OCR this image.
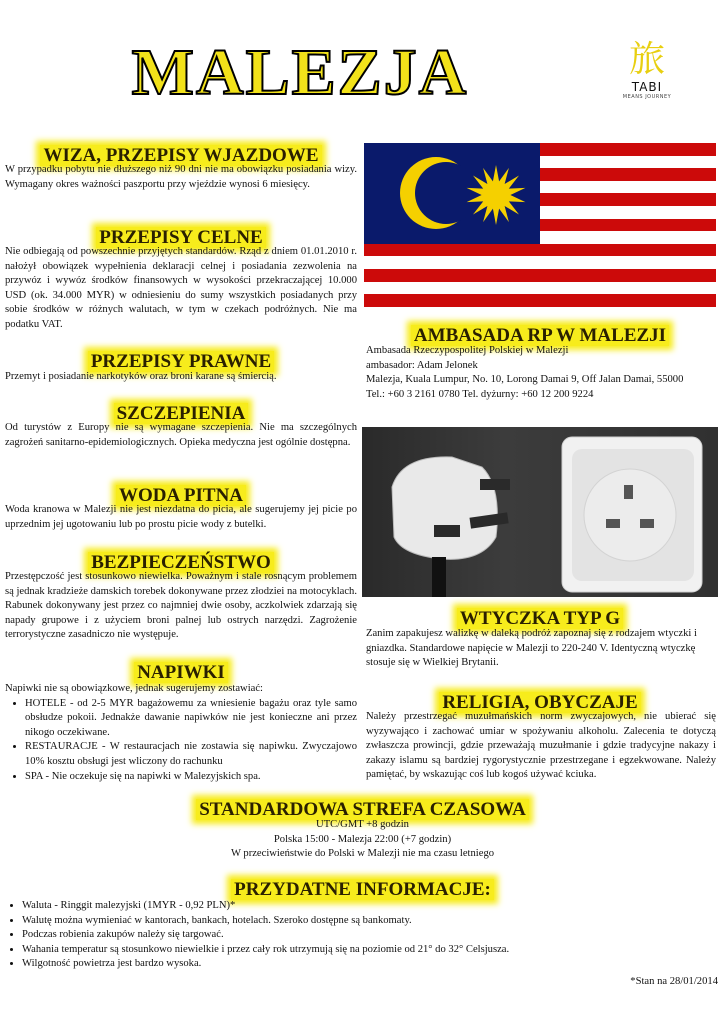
MALEZJA	旅
TABI
MEANS JOURNEY
WIZA, PRZEPISY WJAZDOWE
W przypadku pobytu nie dłuższego niż 90 dni nie ma obowiązku posiadania wizy. Wymagany okres ważności paszportu przy wjeździe wynosi 6 miesięcy.
PRZEPISY CELNE
Nie odbiegają od powszechnie przyjętych standardów. Rząd z dniem 01.01.2010 r. nałożył obowiązek wypełnienia deklaracji celnej i posiadania zezwolenia na przywóz i wywóz środków finansowych w wysokości przekraczającej 10.000 USD (ok. 34.000 MYR) w odniesieniu do sumy wszystkich posiadanych przy sobie środków w różnych walutach, w tym w czekach podróżnych. Nie ma podatku VAT.
PRZEPISY PRAWNE
Przemyt i posiadanie narkotyków oraz broni karane są śmiercią.
SZCZEPIENIA
Od turystów z Europy nie są wymagane szczepienia. Nie ma szczególnych zagrożeń sanitarno-epidemiologicznych. Opieka medyczna jest ogólnie dostępna.
WODA PITNA
Woda kranowa w Malezji nie jest niezdatna do picia, ale sugerujemy jej picie po uprzednim jej ugotowaniu lub po prostu picie wody z butelki.
BEZPIECZEŃSTWO
Przestępczość jest stosunkowo niewielka. Poważnym i stale rosnącym problemem są jednak kradzieże damskich torebek dokonywane przez złodziei na motocyklach. Rabunek dokonywany jest przez co najmniej dwie osoby, aczkolwiek zdarzają się napady grupowe i z użyciem broni palnej lub ostrych narzędzi. Zagrożenie terrorystyczne zasadniczo nie występuje.
NAPIWKI

Napiwki nie są obowiązkowe, jednak sugerujemy zostawiać:

• HOTELE - od 2-5 MYR bagażowemu za wniesienie bagażu oraz tyle samo obsłudze pokoii. Jednakże dawanie napiwków nie jest konieczne ani przez nikogo oczekiwane.
• RESTAURACJE - W restauracjach nie zostawia się napiwku. Zwyczajowo 10% kosztu obsługi jest wliczony do rachunku
• SPA - Nie oczekuje się na napiwki w Malezyjskich spa.
AMBASADA RP W MALEZJI

Ambasada Rzeczypospolitej Polskiej w Malezji

ambasador: Adam Jelonek

Malezja, Kuala Lumpur, No. 10, Lorong Damai 9, Off Jalan Damai, 55000

Tel.: +60 3 2161 0780 Tel. dyżurny: +60 12 200 9224

WTYCZKA TYP G
Zanim zapakujesz walizkę w daleką podróż zapoznaj się z rodzajem wtyczki i gniazdka. Standardowe napięcie w Malezji to 220-240 V. Identyczną wtyczkę stosuje się w Wielkiej Brytanii.
RELIGIA, OBYCZAJE
Należy przestrzegać muzułmańskich norm zwyczajowych, nie ubierać się wyzywająco i zachować umiar w spożywaniu alkoholu. Zalecenia te dotyczą zwłaszcza prowincji, gdzie przeważają muzułmanie i gdzie tradycyjne nakazy i zakazy islamu są bardziej rygorystycznie przestrzegane i egzekwowane. Należy pamiętać, by wskazując coś lub kogoś używać kciuka.
STANDARDOWA STREFA CZASOWA

UTC/GMT +8 godzin

Polska 15:00 - Malezja 22:00 (+7 godzin)

W przeciwieństwie do Polski w Malezji nie ma czasu letniego

PRZYDATNE INFORMACJE:
• Waluta - Ringgit malezyjski (1MYR - 0,92 PLN)*
• Walutę można wymieniać w kantorach, bankach, hotelach. Szeroko dostępne są bankomaty.
• Podczas robienia zakupów należy się targować.
• Wahania temperatur są stosunkowo niewielkie i przez cały rok utrzymują się na poziomie od 21° do 32° Celsjusza.
• Wilgotność powietrza jest bardzo wysoka.
*Stan na 28/01/2014
